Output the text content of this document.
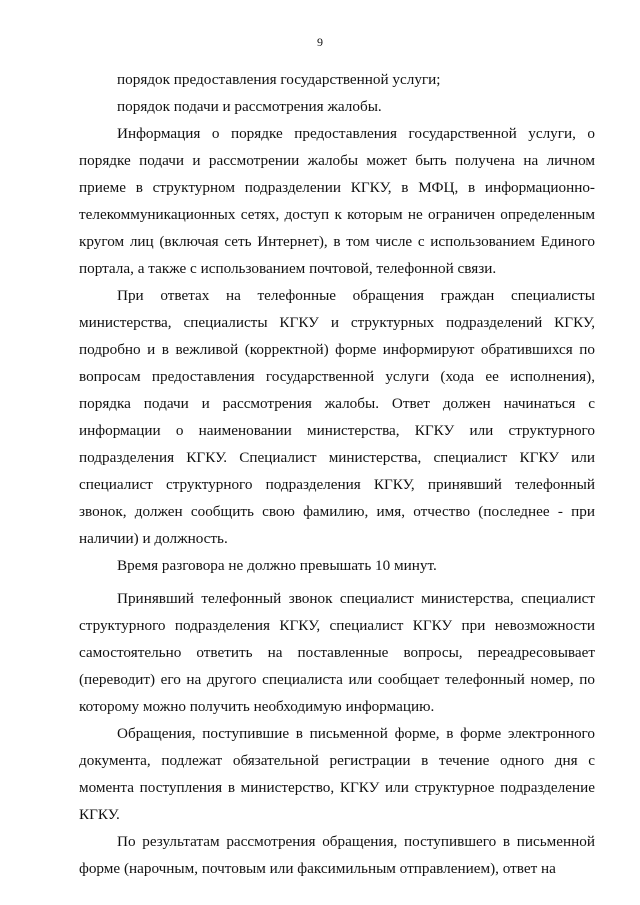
9

порядок предоставления государственной услуги;

порядок подачи и рассмотрения жалобы.

Информация о порядке предоставления государственной услуги, о порядке подачи и рассмотрении жалобы может быть получена на личном приеме в структурном подразделении КГКУ, в МФЦ, в информационно-телекоммуникационных сетях, доступ к которым не ограничен определенным кругом лиц (включая сеть Интернет), в том числе с использованием Единого портала, а также с использованием почтовой, телефонной связи.

При ответах на телефонные обращения граждан специалисты министерства, специалисты КГКУ и структурных подразделений КГКУ, подробно и в вежливой (корректной) форме информируют обратившихся по вопросам предоставления государственной услуги (хода ее исполнения), порядка подачи и рассмотрения жалобы. Ответ должен начинаться с информации о наименовании министерства, КГКУ или структурного подразделения КГКУ. Специалист министерства, специалист КГКУ или специалист структурного подразделения КГКУ, принявший телефонный звонок, должен сообщить свою фамилию, имя, отчество (последнее - при наличии) и должность.

Время разговора не должно превышать 10 минут.

Принявший телефонный звонок специалист министерства, специалист структурного подразделения КГКУ, специалист КГКУ при невозможности самостоятельно ответить на поставленные вопросы, переадресовывает (переводит) его на другого специалиста или сообщает телефонный номер, по которому можно получить необходимую информацию.

Обращения, поступившие в письменной форме, в форме электронного документа, подлежат обязательной регистрации в течение одного дня с момента поступления в министерство, КГКУ или структурное подразделение КГКУ.

По результатам рассмотрения обращения, поступившего в письменной форме (нарочным, почтовым или факсимильным отправлением), ответ на
